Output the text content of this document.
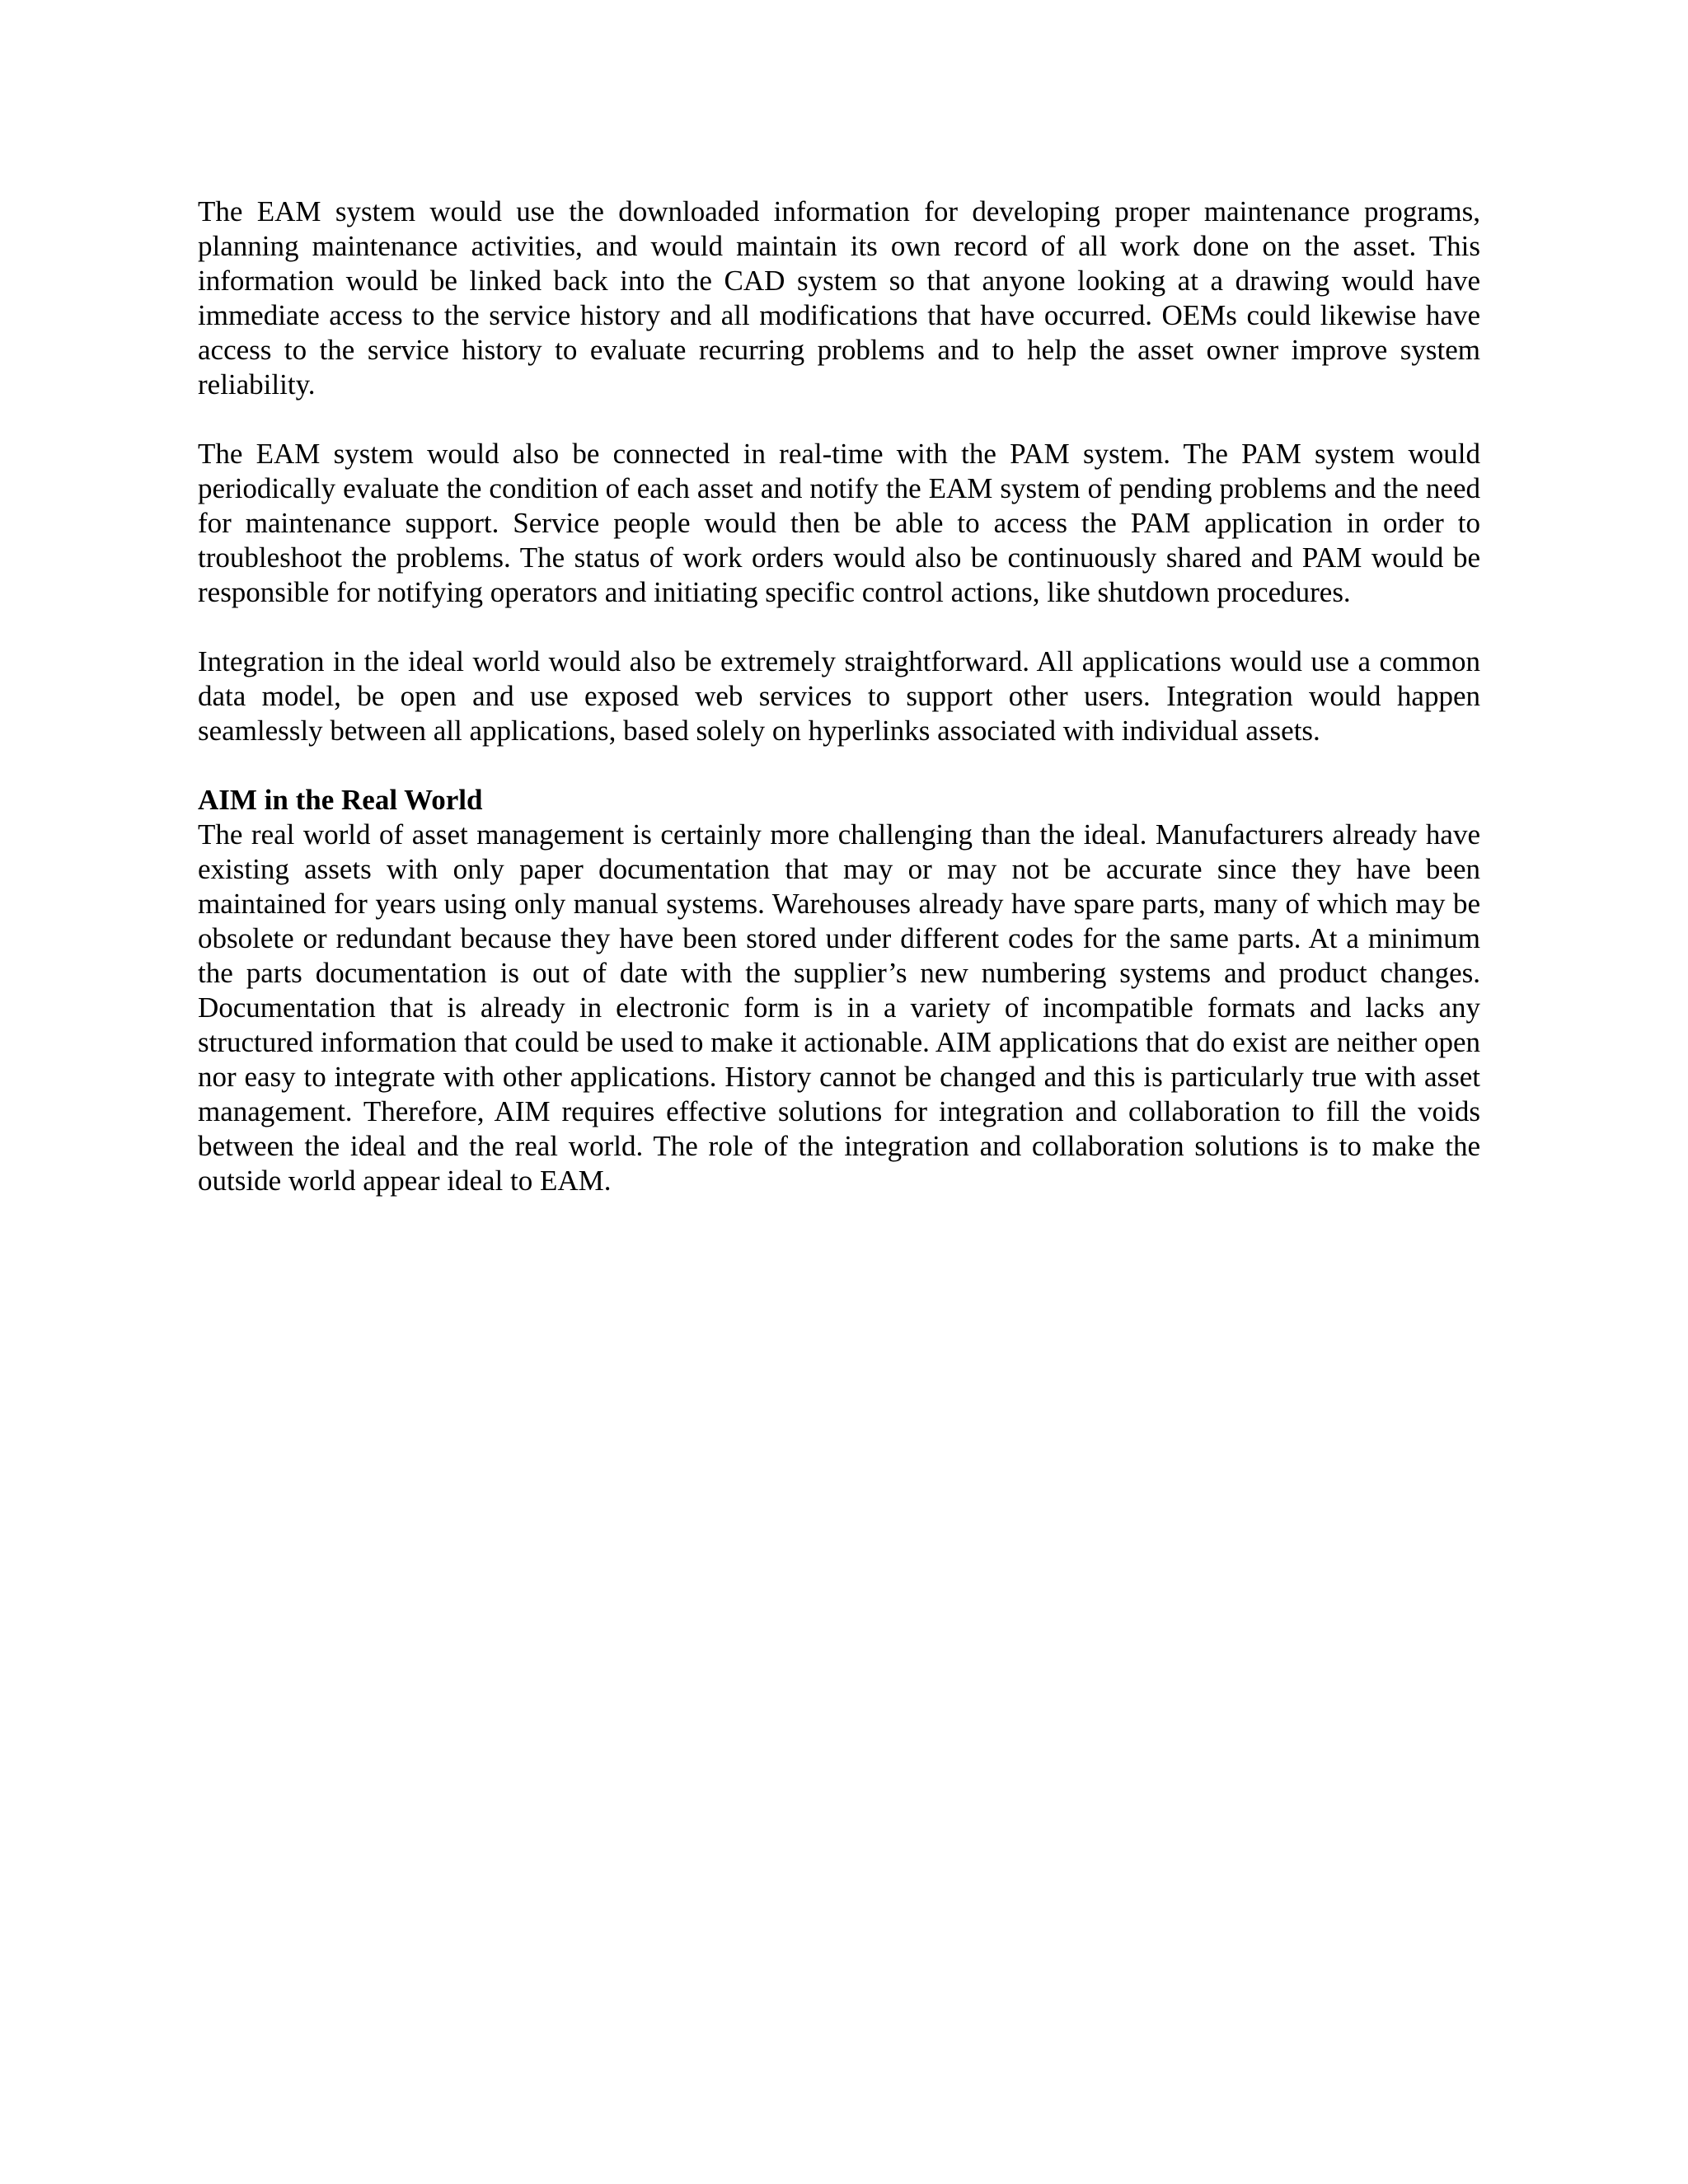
The EAM system would use the downloaded information for developing proper maintenance programs, planning maintenance activities, and would maintain its own record of all work done on the asset. This information would be linked back into the CAD system so that anyone looking at a drawing would have immediate access to the service history and all modifications that have occurred. OEMs could likewise have access to the service history to evaluate recurring problems and to help the asset owner improve system reliability.

The EAM system would also be connected in real-time with the PAM system. The PAM system would periodically evaluate the condition of each asset and notify the EAM system of pending problems and the need for maintenance support. Service people would then be able to access the PAM application in order to troubleshoot the problems. The status of work orders would also be continuously shared and PAM would be responsible for notifying operators and initiating specific control actions, like shutdown procedures.

Integration in the ideal world would also be extremely straightforward. All applications would use a common data model, be open and use exposed web services to support other users. Integration would happen seamlessly between all applications, based solely on hyperlinks associated with individual assets.

AIM in the Real World

The real world of asset management is certainly more challenging than the ideal. Manufacturers already have existing assets with only paper documentation that may or may not be accurate since they have been maintained for years using only manual systems. Warehouses already have spare parts, many of which may be obsolete or redundant because they have been stored under different codes for the same parts. At a minimum the parts documentation is out of date with the supplier’s new numbering systems and product changes. Documentation that is already in electronic form is in a variety of incompatible formats and lacks any structured information that could be used to make it actionable. AIM applications that do exist are neither open nor easy to integrate with other applications. History cannot be changed and this is particularly true with asset management. Therefore, AIM requires effective solutions for integration and collaboration to fill the voids between the ideal and the real world. The role of the integration and collaboration solutions is to make the outside world appear ideal to EAM.
